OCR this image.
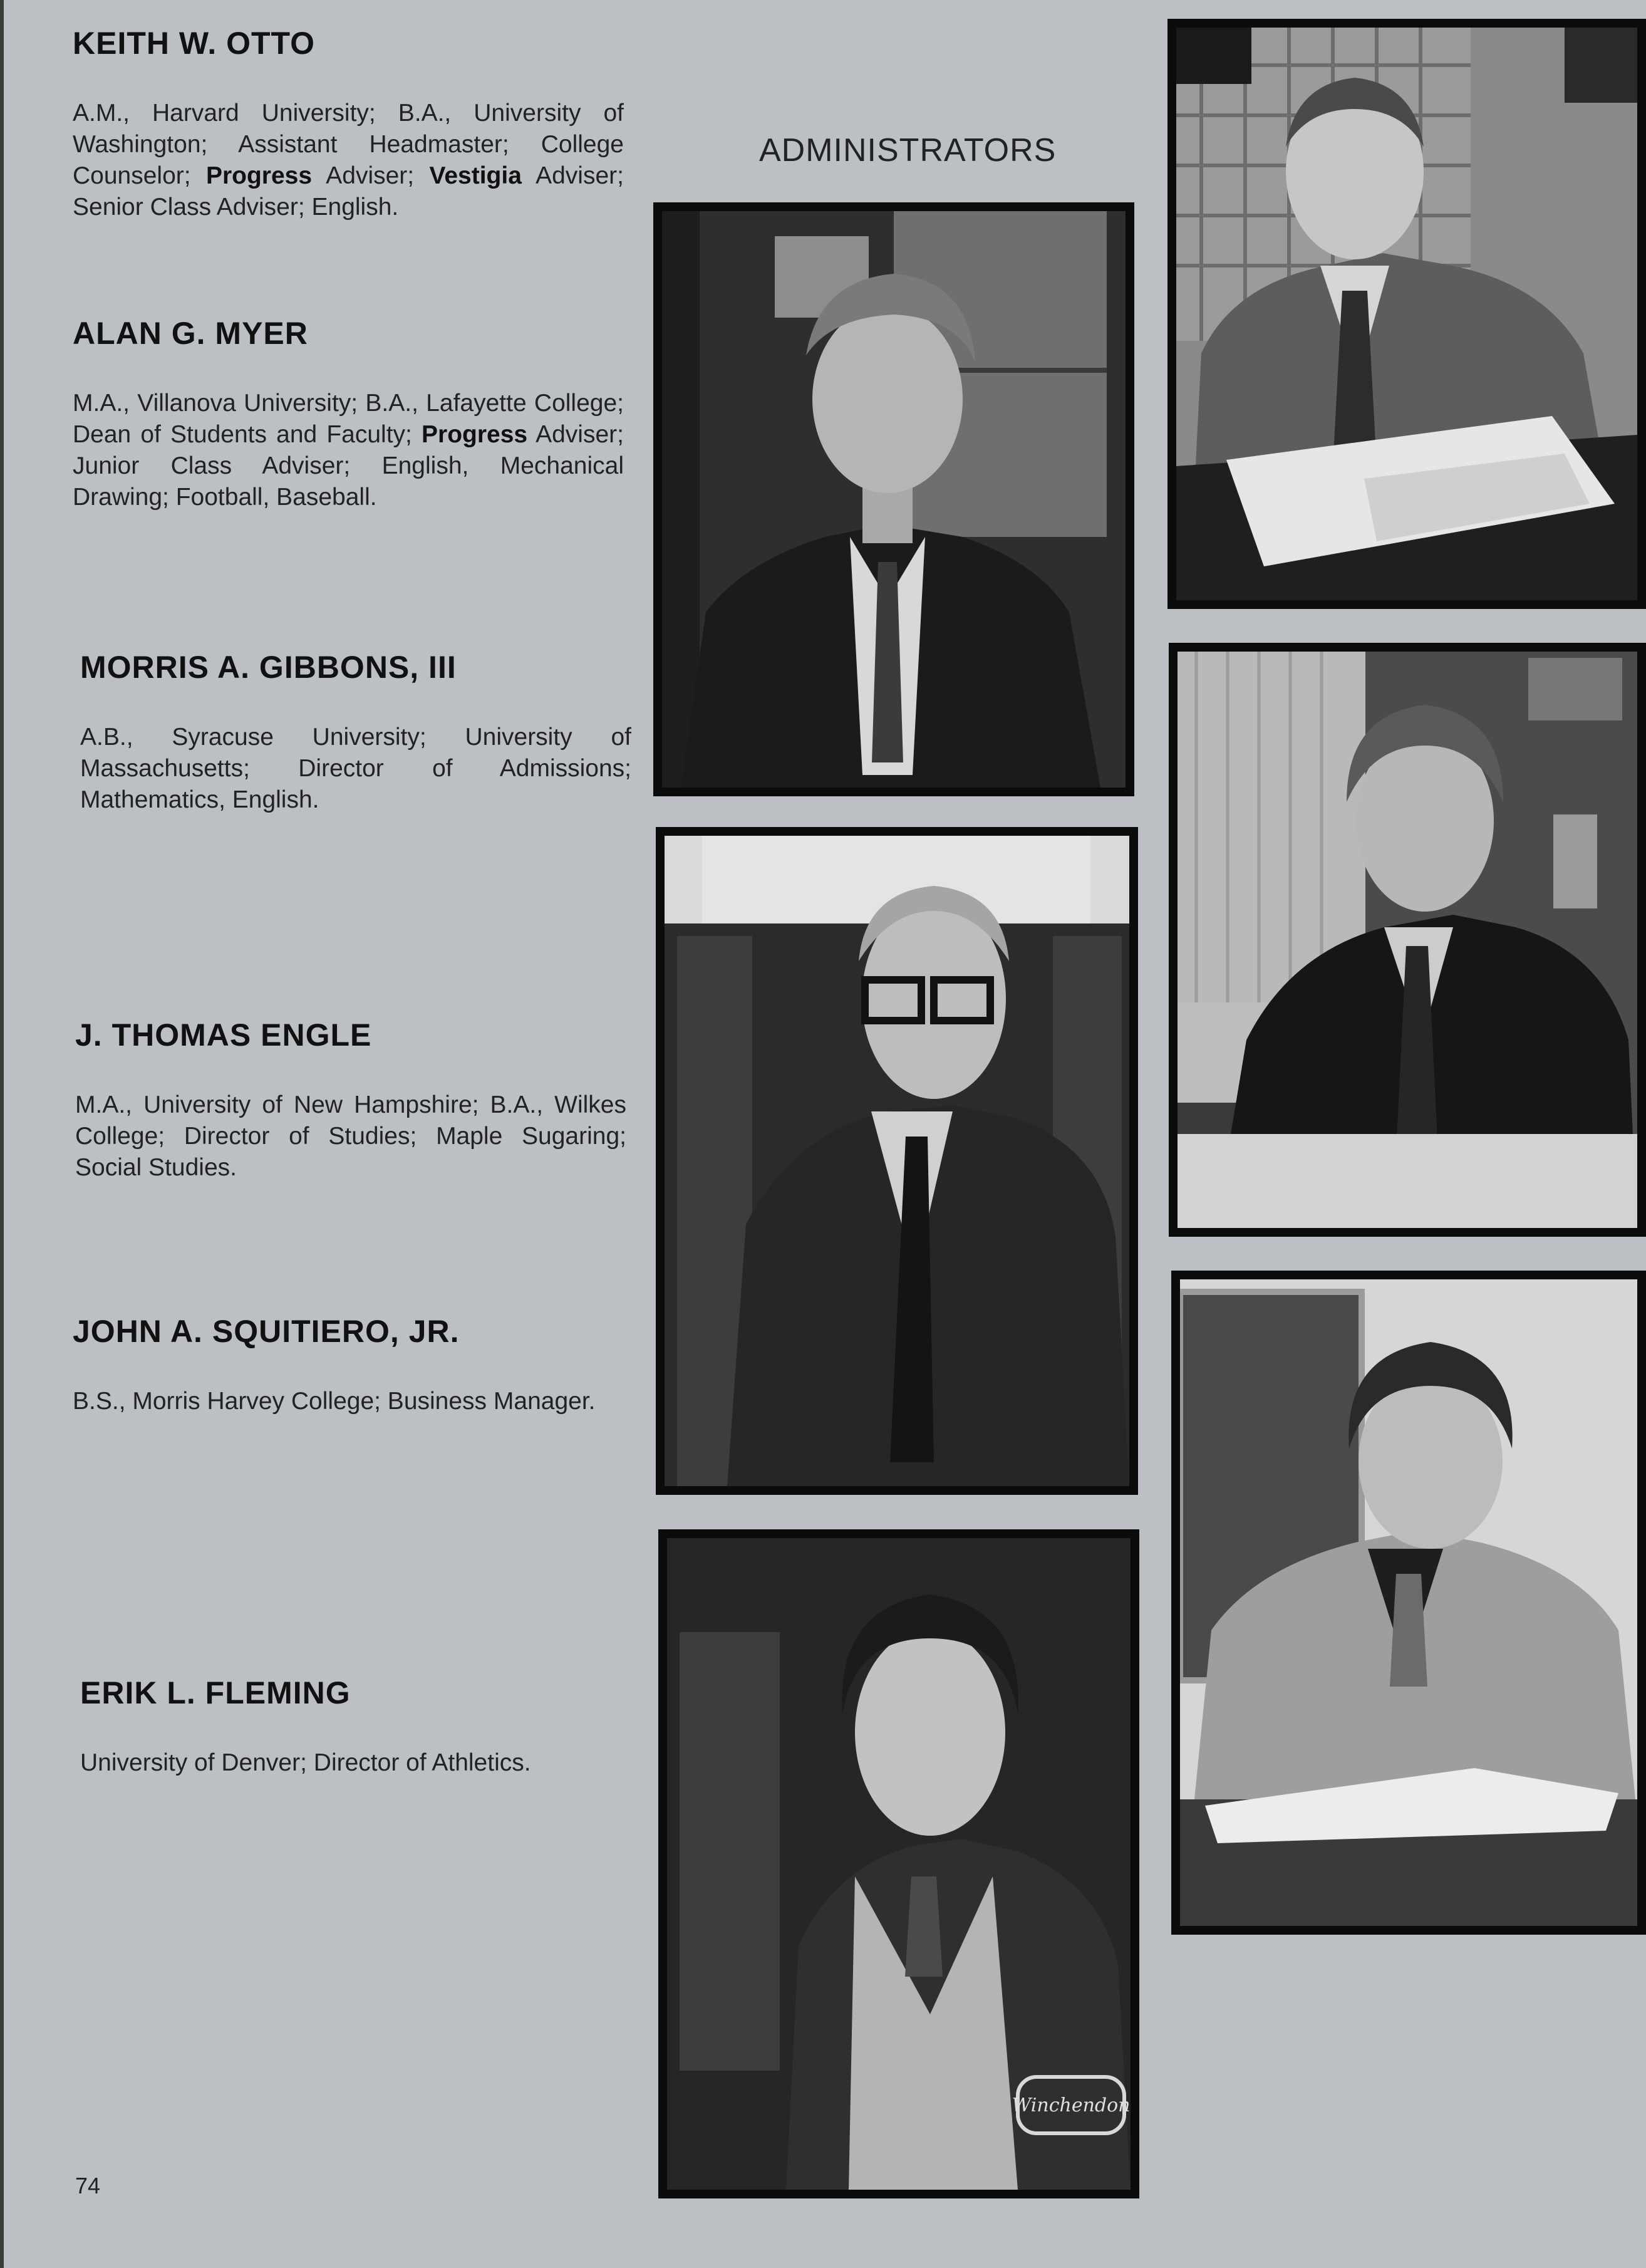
KEITH W. OTTO

A.M., Harvard University; B.A., University of Washington; Assistant Headmaster; College Counselor; Progress Adviser; Vestigia Adviser; Senior Class Adviser; English.

ALAN G. MYER

M.A., Villanova University; B.A., Lafayette College; Dean of Students and Faculty; Progress Adviser; Junior Class Adviser; English, Mechanical Drawing; Football, Baseball.

MORRIS A. GIBBONS, III

A.B., Syracuse University; University of Massachusetts; Director of Admissions; Mathematics, English.

J. THOMAS ENGLE

M.A., University of New Hampshire; B.A., Wilkes College; Director of Studies; Maple Sugaring; Social Studies.

JOHN A. SQUITIERO, JR.

B.S., Morris Harvey College; Business Manager.

ERIK L. FLEMING

University of Denver; Director of Athletics.

ADMINISTRATORS
74
Winchendon
